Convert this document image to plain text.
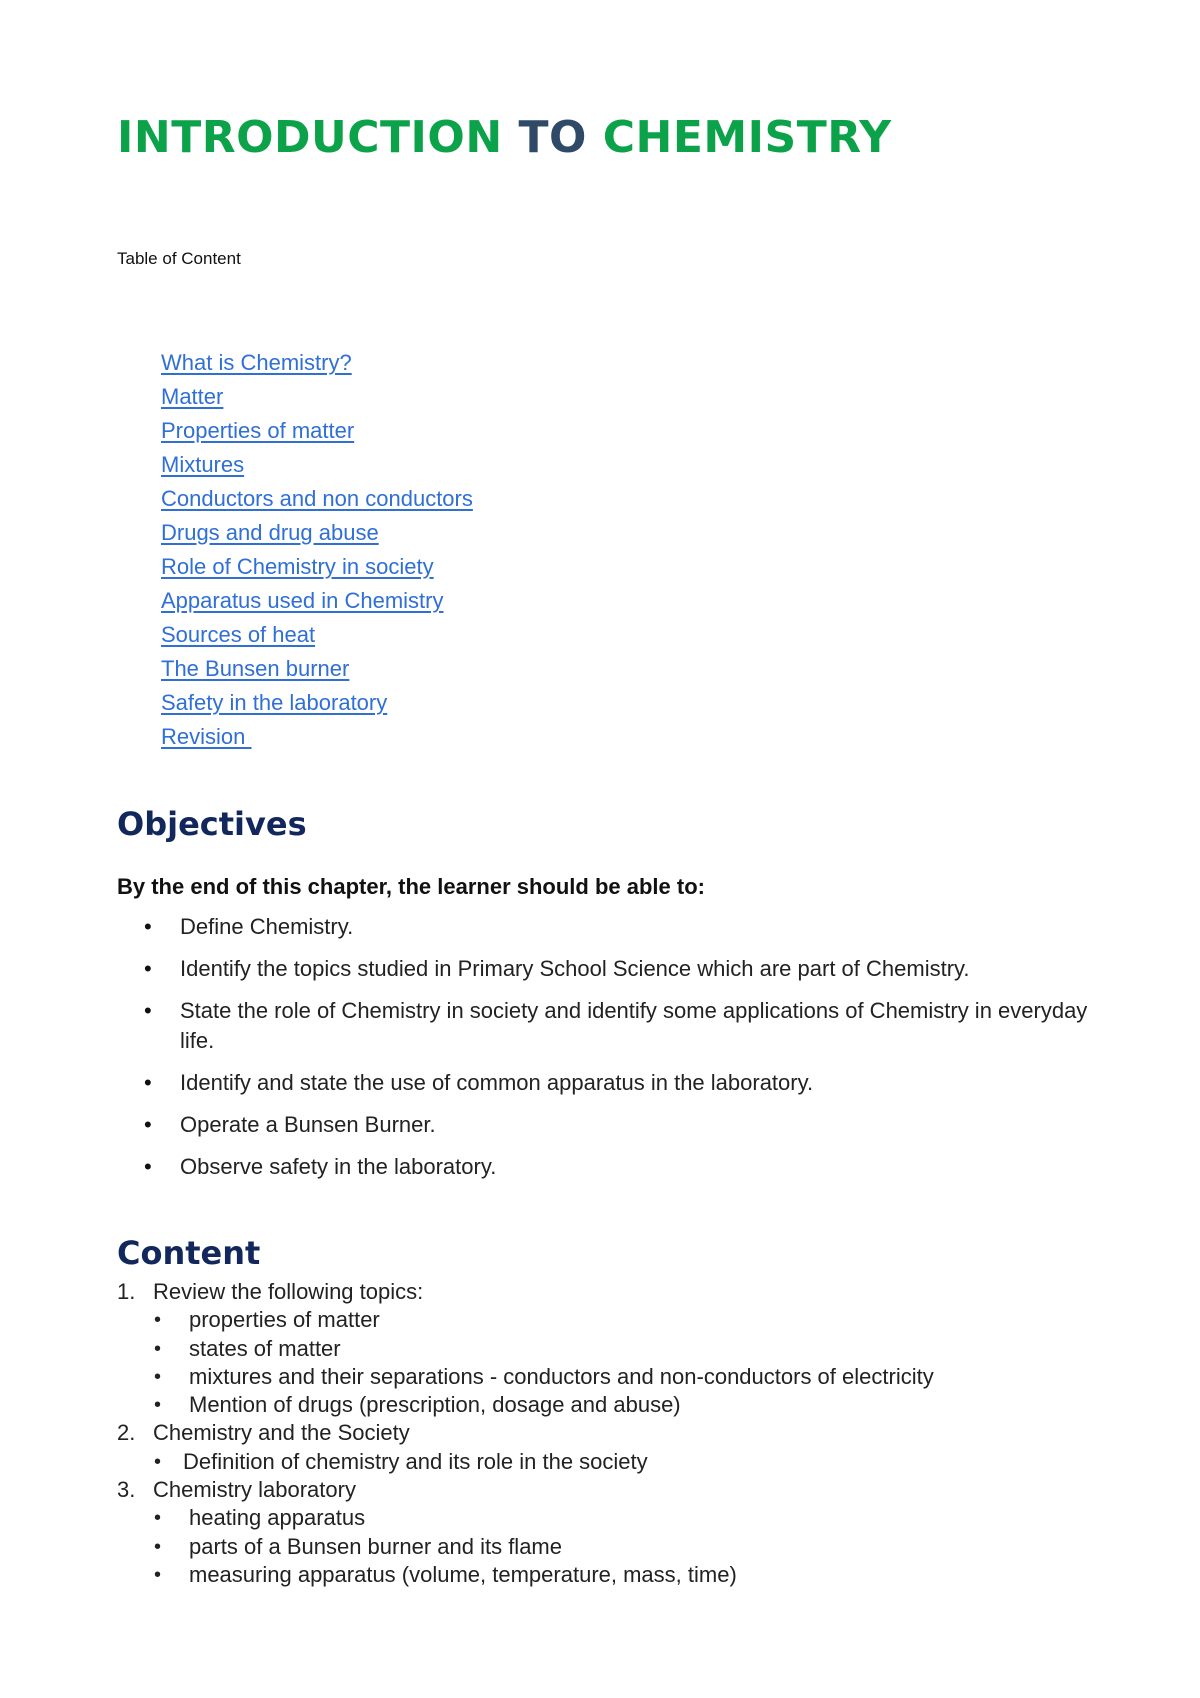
INTRODUCTION TO CHEMISTRY
Table of Content
What is Chemistry?
Matter
Properties of matter
Mixtures
Conductors and non conductors
Drugs and drug abuse
Role of Chemistry in society
Apparatus used in Chemistry
Sources of heat
The Bunsen burner
Safety in the laboratory
Revision
Objectives
By the end of this chapter, the learner should be able to:
• Define Chemistry.
• Identify the topics studied in Primary School Science which are part of Chemistry.
• State the role of Chemistry in society and identify some applications of Chemistry in everyday life.
• Identify and state the use of common apparatus in the laboratory.
• Operate a Bunsen Burner.
• Observe safety in the laboratory.
Content
1. Review the following topics:
• properties of matter
• states of matter
• mixtures and their separations - conductors and non-conductors of electricity
• Mention of drugs (prescription, dosage and abuse)
2. Chemistry and the Society
• Definition of chemistry and its role in the society
3. Chemistry laboratory
• heating apparatus
• parts of a Bunsen burner and its flame
• measuring apparatus (volume, temperature, mass, time)
